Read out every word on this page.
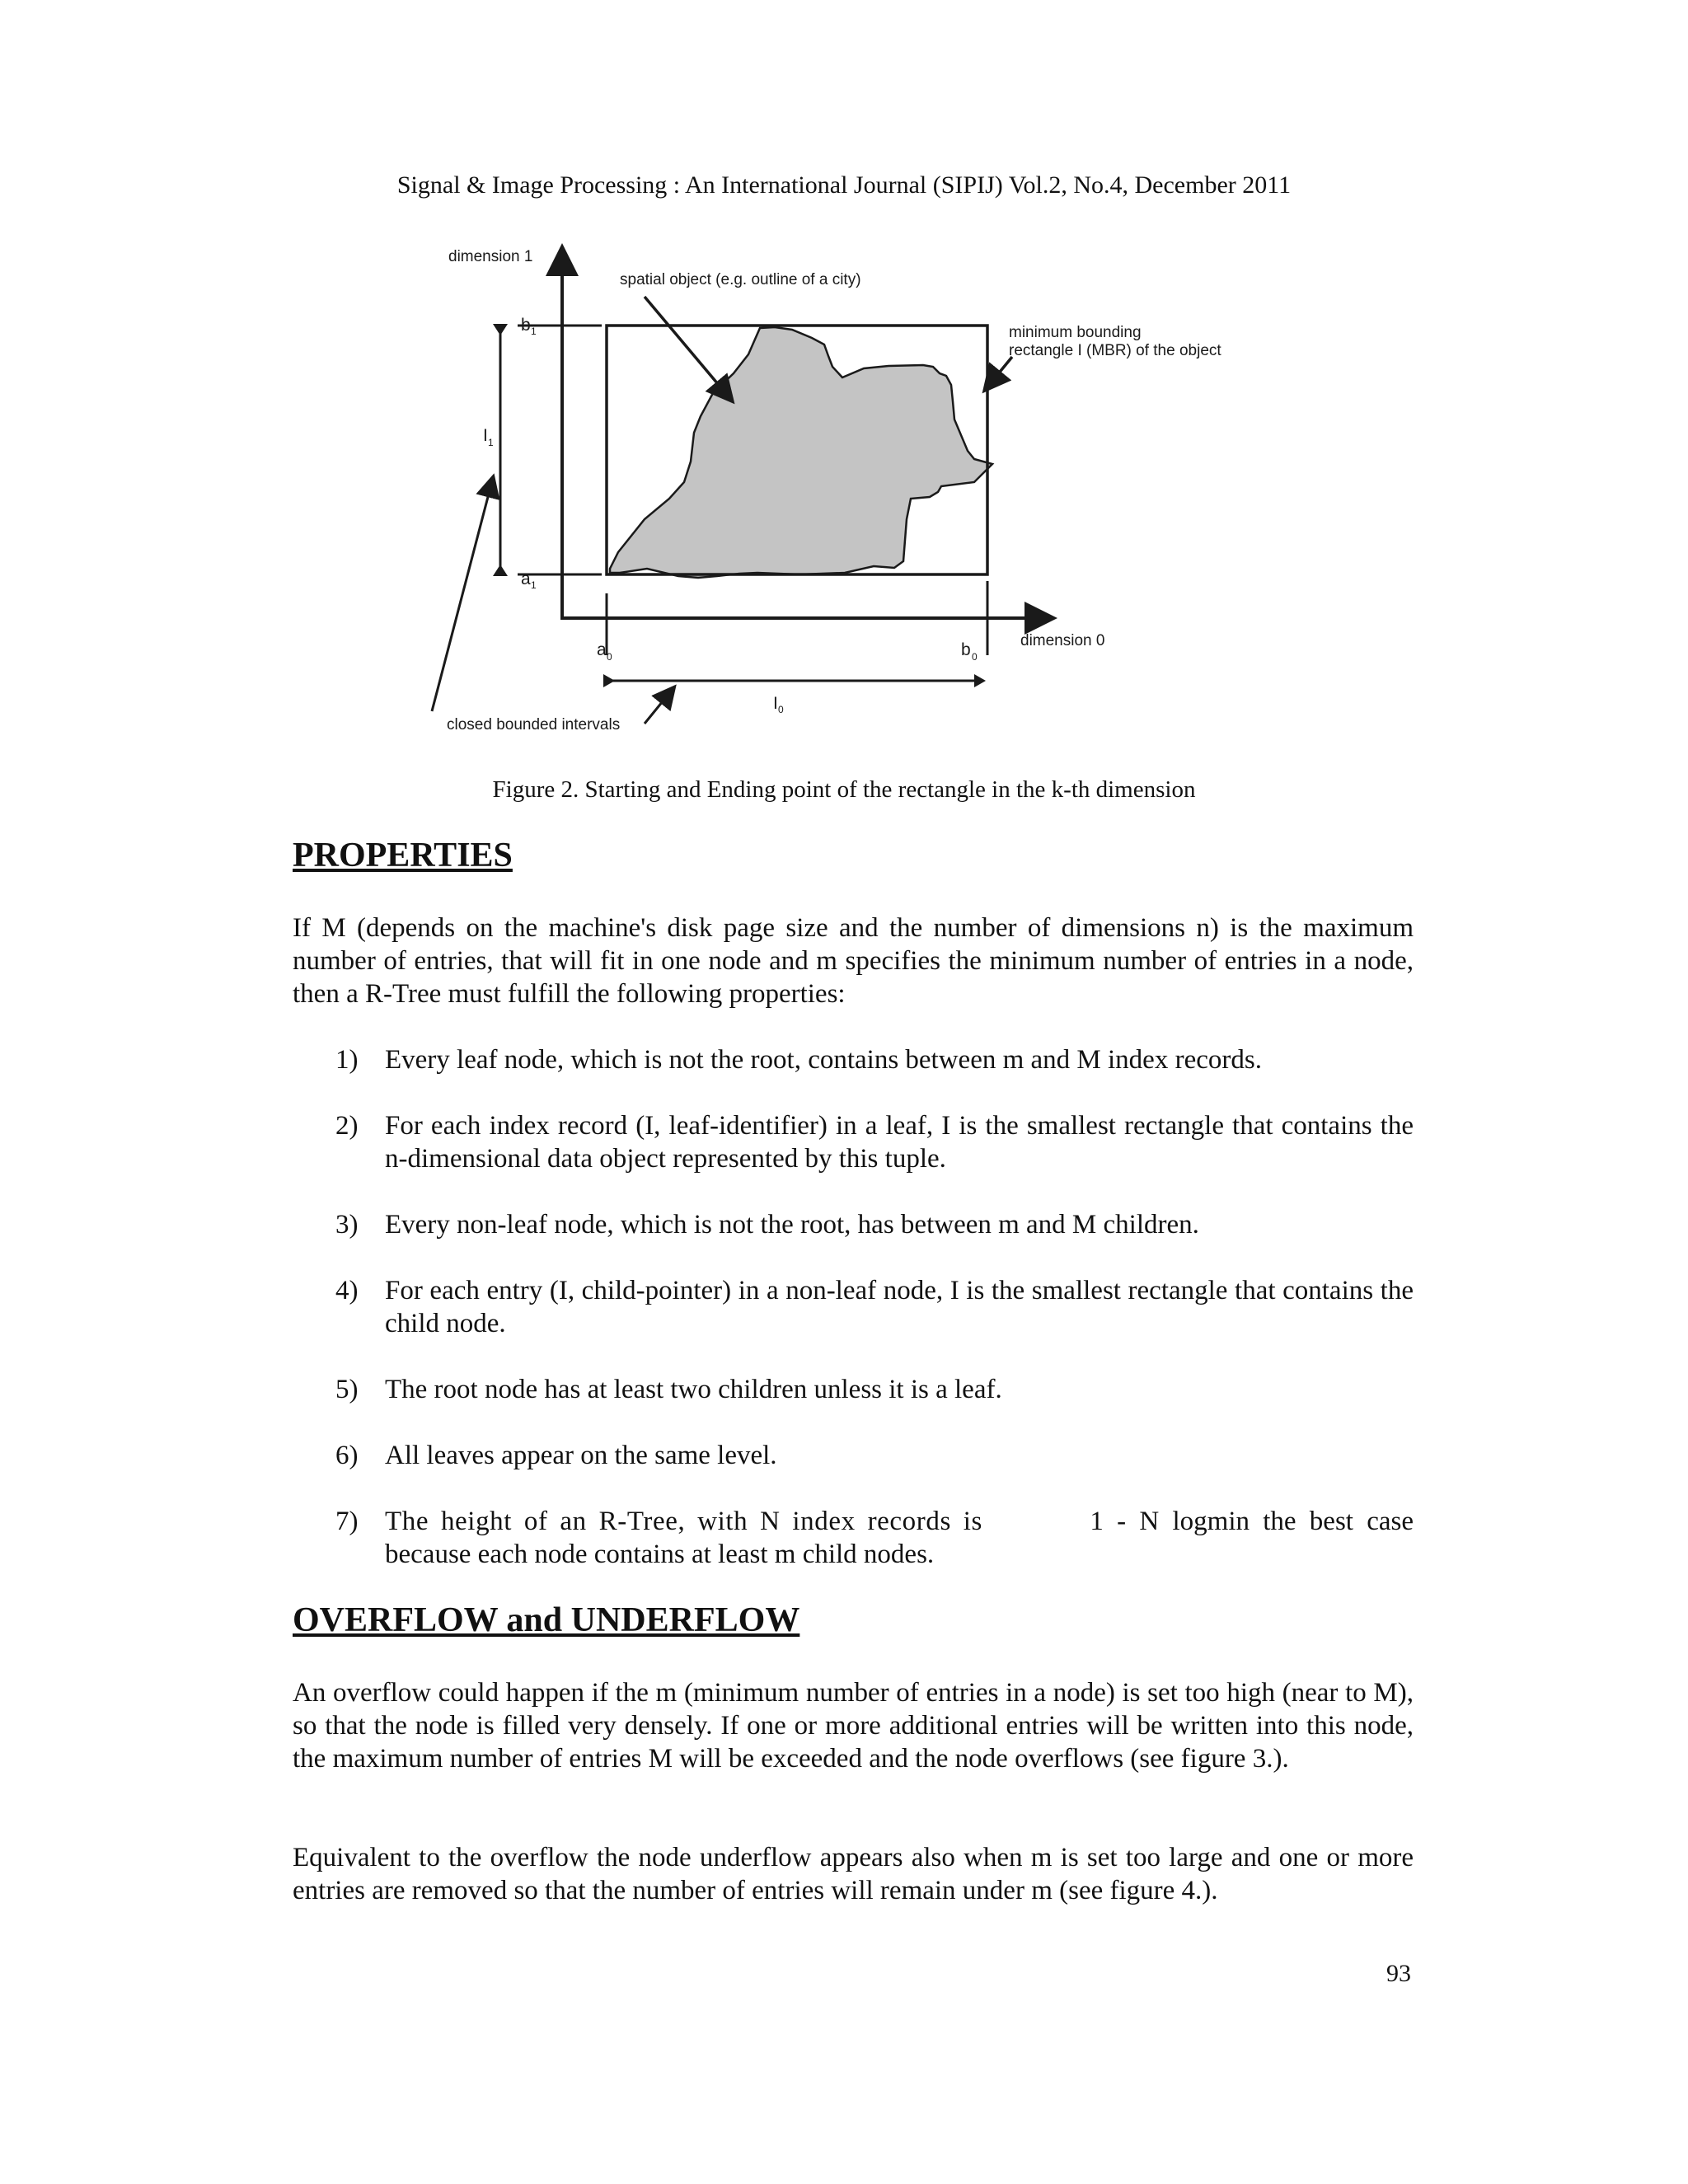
Signal & Image Processing : An International Journal (SIPIJ) Vol.2, No.4, December 2011
dimension 1
spatial object (e.g. outline of a city)
minimum bounding
rectangle I (MBR) of the object
dimension 0
closed bounded intervals
b 1
a 1
I 1
a 0	b 0
I 0
Figure 2. Starting and Ending point of the rectangle in the k-th dimension
PROPERTIES

If M (depends on the machine's disk page size and the number of dimensions n) is the maximum number of entries, that will fit in one node and m specifies the minimum number of entries in a node, then a R-Tree must fulfill the following properties:

1) Every leaf node, which is not the root, contains between m and M index records.
2) For each index record (I, leaf-identifier) in a leaf, I is the smallest rectangle that contains the n-dimensional data object represented by this tuple.
3) Every non-leaf node, which is not the root, has between m and M children.
4) For each entry (I, child-pointer) in a non-leaf node, I is the smallest rectangle that contains the child node.
5) The root node has at least two children unless it is a leaf.
6) All leaves appear on the same level.
7) The height of an R-Tree, with N index records is	1 - N logmin the best case
because each node contains at least m child nodes.
OVERFLOW and UNDERFLOW

An overflow could happen if the m (minimum number of entries in a node) is set too high (near to M), so that the node is filled very densely. If one or more additional entries will be written into this node, the maximum number of entries M will be exceeded and the node overflows (see figure 3.).

Equivalent to the overflow the node underflow appears also when m is set too large and one or more entries are removed so that the number of entries will remain under m (see figure 4.).

93
